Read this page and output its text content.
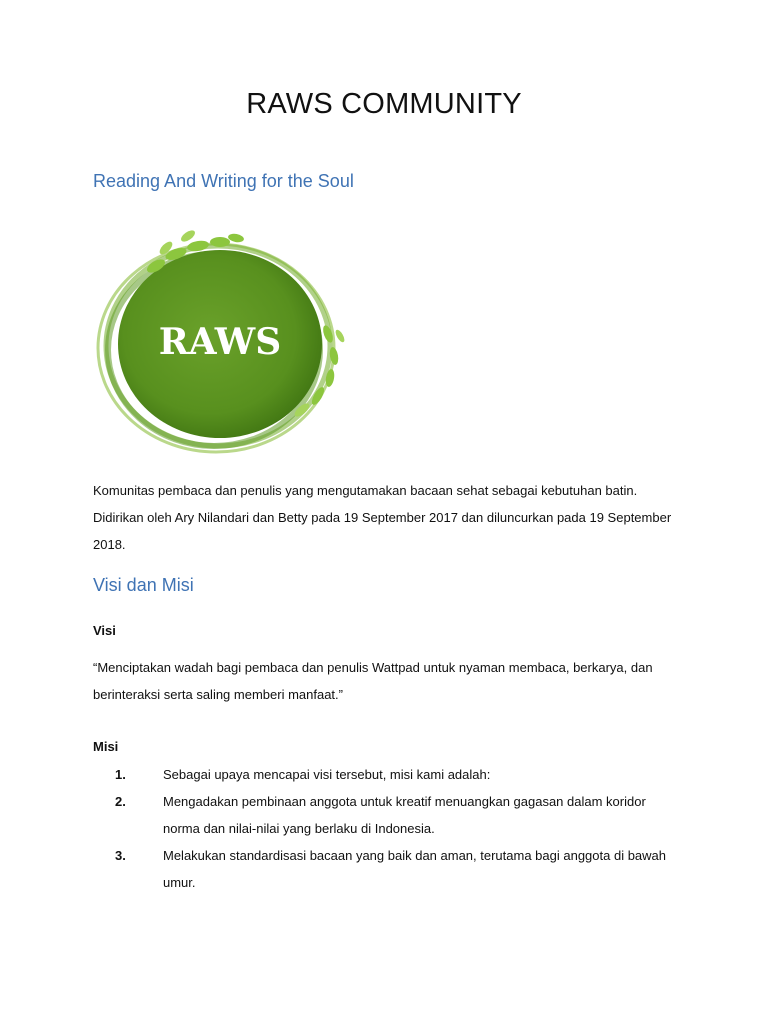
RAWS COMMUNITY
Reading And Writing for the Soul
RAWS
Komunitas pembaca dan penulis yang mengutamakan bacaan sehat sebagai kebutuhan batin. Didirikan oleh Ary Nilandari dan Betty pada 19 September 2017 dan diluncurkan pada 19 September 2018.
Visi dan Misi
Visi
“Menciptakan wadah bagi pembaca dan penulis Wattpad untuk nyaman membaca, berkarya, dan berinteraksi serta saling memberi manfaat.”
Misi
1.	Sebagai upaya mencapai visi tersebut, misi kami adalah:
2.	Mengadakan pembinaan anggota untuk kreatif menuangkan gagasan dalam koridor norma dan nilai-nilai yang berlaku di Indonesia.
3.	Melakukan standardisasi bacaan yang baik dan aman, terutama bagi anggota di bawah umur.
